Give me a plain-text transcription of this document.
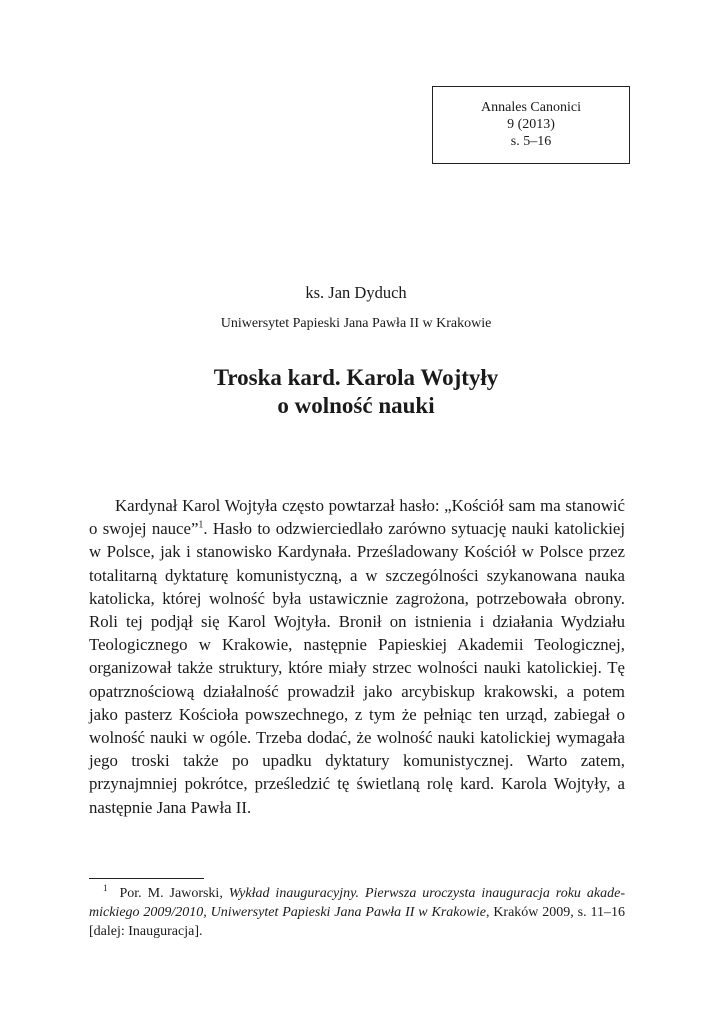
Annales Canonici
9 (2013)
s. 5–16
ks. Jan Dyduch
Uniwersytet Papieski Jana Pawła II w Krakowie
Troska kard. Karola Wojtyły
o wolność nauki

Kardynał Karol Wojtyła często powtarzał hasło: „Kościół sam ma stanowić o swojej nauce”$^1$. Hasło to odzwierciedlało zarówno sytuację nauki katolickiej w Polsce, jak i stanowisko Kardynała. Prześladowany Kościół w Polsce przez totalitarną dyktaturę komunistyczną, a w szczególności szykanowana nauka katolicka, której wolność była ustawicznie zagrożona, potrzebowała obrony. Roli tej podjął się Karol Wojtyła. Bronił on istnienia i działania Wydziału Teologicznego w Krakowie, następnie Papieskiej Akademii Teologicznej, organizował także struktury, które miały strzec wolności nauki katolickiej. Tę opatrznościową działalność prowadził jako arcybiskup krakowski, a potem jako pasterz Kościoła powszechnego, z tym że pełniąc ten urząd, zabiegał o wolność nauki w ogóle. Trzeba dodać, że wolność nauki katolickiej wymagała jego troski także po upadku dyktatury komunistycznej. Warto zatem, przynajmniej pokrótce, prześledzić tę świetlaną rolę kard. Karola Wojtyły, a następnie Jana Pawła II.

$^1$ Por. M. Jaworski, Wykład inauguracyjny. Pierwsza uroczysta inauguracja roku akademickiego 2009/2010, Uniwersytet Papieski Jana Pawła II w Krakowie, Kraków 2009, s. 11–16 [dalej: Inauguracja].
